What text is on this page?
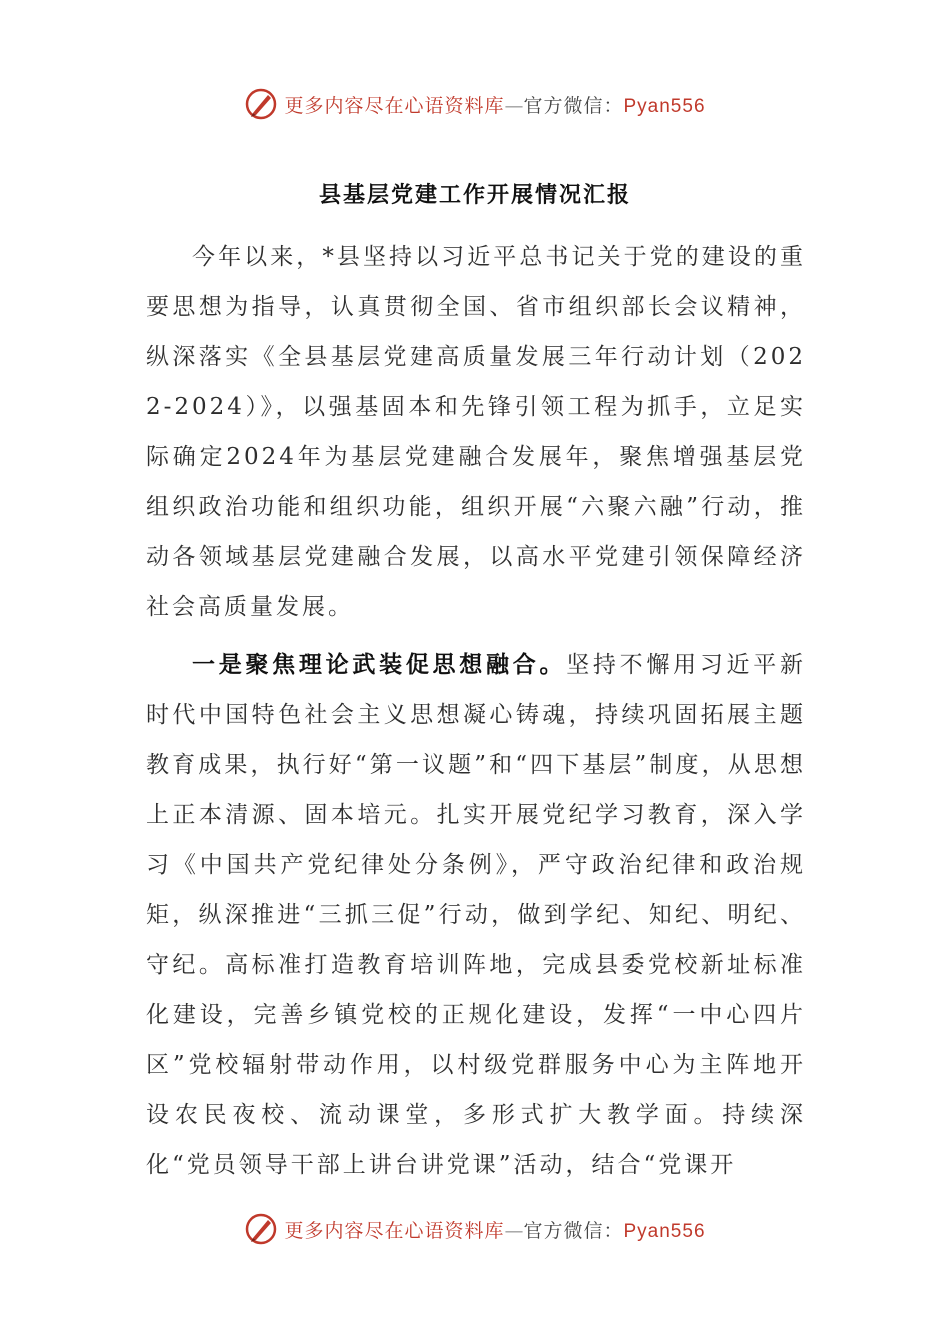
更多内容尽在心语资料库—官方微信：Pyan556
县基层党建工作开展情况汇报

今年以来，*县坚持以习近平总书记关于党的建设的重要思想为指导，认真贯彻全国、省市组织部长会议精神，纵深落实《全县基层党建高质量发展三年行动计划（2022-2024）》，以强基固本和先锋引领工程为抓手，立足实际确定2024年为基层党建融合发展年，聚焦增强基层党组织政治功能和组织功能，组织开展“六聚六融”行动，推动各领域基层党建融合发展，以高水平党建引领保障经济社会高质量发展。

一是聚焦理论武装促思想融合。坚持不懈用习近平新时代中国特色社会主义思想凝心铸魂，持续巩固拓展主题教育成果，执行好“第一议题”和“四下基层”制度，从思想上正本清源、固本培元。扎实开展党纪学习教育，深入学习《中国共产党纪律处分条例》，严守政治纪律和政治规矩，纵深推进“三抓三促”行动，做到学纪、知纪、明纪、守纪。高标准打造教育培训阵地，完成县委党校新址标准化建设，完善乡镇党校的正规化建设，发挥“一中心四片区”党校辐射带动作用，以村级党群服务中心为主阵地开设农民夜校、流动课堂，多形式扩大教学面。持续深化“党员领导干部上讲台讲党课”活动，结合“党课开

更多内容尽在心语资料库—官方微信：Pyan556
